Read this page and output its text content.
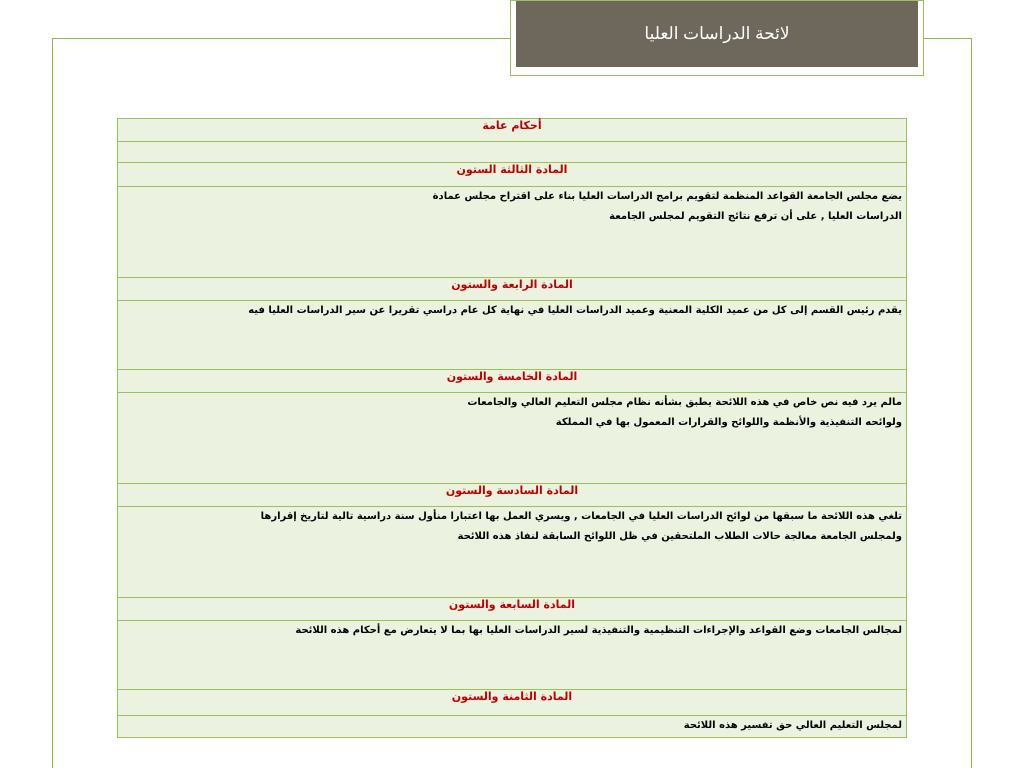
لائحة الدراسات العليا
أحكام عامة

المادة الثالثة الستون

يضع مجلس الجامعة القواعد المنظمة لتقويم برامج الدراسات العليا بناء على اقتراح مجلس عمادة
الدراسات العليا , على أن ترفع نتائج التقويم لمجلس الجامعة

المادة الرابعة والستون

يقدم رئيس القسم إلى كل من عميد الكلية المعنية وعميد الدراسات العليا في نهاية كل عام دراسي تقريرا عن سير الدراسات العليا فيه

المادة الخامسة والستون

مالم يرد فيه نص خاص في هذه اللائحة يطبق بشأنه نظام مجلس التعليم العالي والجامعات
ولوائحه التنفيذية والأنظمة واللوائح والقرارات المعمول بها في المملكة

المادة السادسة والستون

تلغي هذه اللائحة ما سبقها من لوائح الدراسات العليا في الجامعات , ويسري العمل بها اعتبارا منأول سنة دراسية تالية لتاريخ إقرارها
ولمجلس الجامعة معالجة حالات الطلاب الملتحقين في ظل اللوائح السابقة لنفاذ هذه اللائحة

المادة السابعة والستون

لمجالس الجامعات وضع القواعد والإجراءات التنظيمية والتنفيذية لسير الدراسات العليا بها بما لا يتعارض مع أحكام هذه اللائحة

المادة الثامنة والستون

لمجلس التعليم العالي حق تفسير هذه اللائحة
